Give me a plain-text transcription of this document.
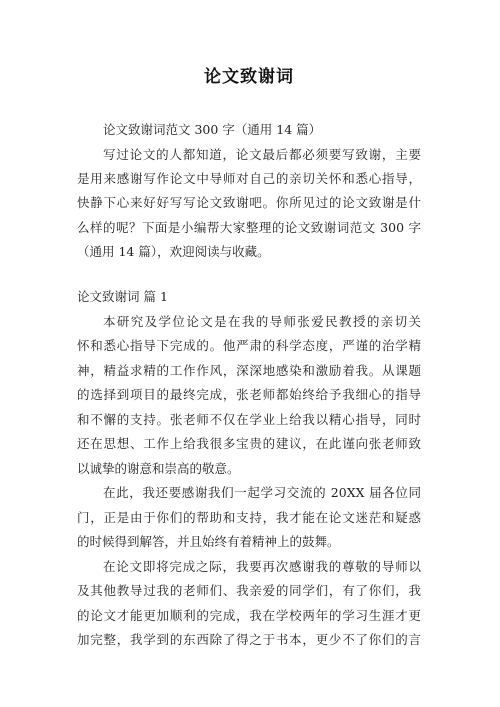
论文致谢词
论文致谢词范文 300 字（通用 14 篇）
写过论文的人都知道，论文最后都必须要写致谢，主要
是用来感谢写作论文中导师对自己的亲切关怀和悉心指导，
快静下心来好好写写论文致谢吧。你所见过的论文致谢是什
么样的呢？下面是小编帮大家整理的论文致谢词范文 300 字
（通用 14 篇），欢迎阅读与收藏。
论文致谢词 篇 1
本研究及学位论文是在我的导师张爱民教授的亲切关
怀和悉心指导下完成的。他严肃的科学态度，严谨的治学精
神，精益求精的工作作风，深深地感染和激励着我。从课题
的选择到项目的最终完成，张老师都始终给予我细心的指导
和不懈的支持。张老师不仅在学业上给我以精心指导，同时
还在思想、工作上给我很多宝贵的建议，在此谨向张老师致
以诚挚的谢意和崇高的敬意。
在此，我还要感谢我们一起学习交流的 20XX 届各位同
门，正是由于你们的帮助和支持，我才能在论文迷茫和疑惑
的时候得到解答，并且始终有着精神上的鼓舞。
在论文即将完成之际，我要再次感谢我的尊敬的导师以
及其他教导过我的老师们、我亲爱的同学们，有了你们，我
的论文才能更加顺利的完成，我在学校两年的学习生涯才更
加完整，我学到的东西除了得之于书本，更少不了你们的言
